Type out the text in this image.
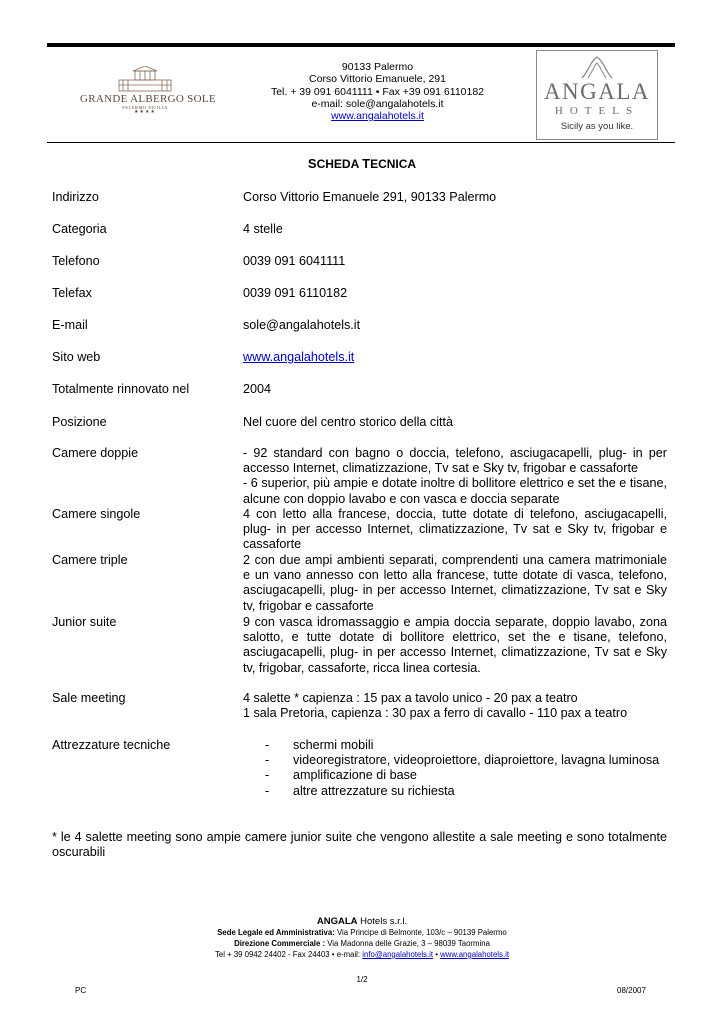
GRANDE ALBERGO SOLE
PALERMO SICILIA
★★★★
90133 Palermo
Corso Vittorio Emanuele, 291
Tel. + 39 091 6041111 • Fax +39 091 6110182
e-mail: sole@angalahotels.it
www.angalahotels.it
ANGALA
HOTELS
Sicily as you like.
SCHEDA TECNICA
Indirizzo	Corso Vittorio Emanuele 291, 90133 Palermo
Categoria	4 stelle
Telefono	0039 091 6041111
Telefax	0039 091 6110182
E-mail	sole@angalahotels.it
Sito web	www.angalahotels.it
Totalmente rinnovato nel	2004
Posizione	Nel cuore del centro storico della città
Camere doppie	- 92 standard con bagno o doccia, telefono, asciugacapelli, plug- in per accesso Internet, climatizzazione, Tv sat e Sky tv, frigobar e cassaforte

- 6 superior, più ampie e dotate inoltre di bollitore elettrico e set the e tisane, alcune con doppio lavabo e con vasca e doccia separate

Camere singole	4 con letto alla francese, doccia, tutte dotate di telefono, asciugacapelli, plug- in per accesso Internet, climatizzazione, Tv sat e Sky tv, frigobar e cassaforte
Camere triple	2 con due ampi ambienti separati, comprendenti una camera matrimoniale e un vano annesso con letto alla francese, tutte dotate di vasca, telefono, asciugacapelli, plug- in per accesso Internet, climatizzazione, Tv sat e Sky tv, frigobar e cassaforte
Junior suite	9 con vasca idromassaggio e ampia doccia separate, doppio lavabo, zona salotto, e tutte dotate di bollitore elettrico, set the e tisane, telefono, asciugacapelli, plug- in per accesso Internet, climatizzazione, Tv sat e Sky tv, frigobar, cassaforte, ricca linea cortesia.
Sale meeting	4 salette * capienza : 15 pax a tavolo unico - 20 pax a teatro

1 sala Pretoria, capienza : 30 pax a ferro di cavallo - 110 pax a teatro

Attrezzature tecniche	- schermi mobili
- videoregistratore, videoproiettore, diaproiettore, lavagna luminosa
- amplificazione di base
- altre attrezzature su richiesta
* le 4 salette meeting sono ampie camere junior suite che vengono allestite a sale meeting e sono totalmente oscurabili
ANGALA Hotels s.r.l.
Sede Legale ed Amministrativa: Via Principe di Belmonte, 103/c – 90139 Palermo
Direzione Commerciale : Via Madonna delle Grazie, 3 – 98039 Taormina
Tel + 39 0942 24402 - Fax 24403 • e-mail: info@angalahotels.it • www.angalahotels.it
1/2
PC	08/2007
